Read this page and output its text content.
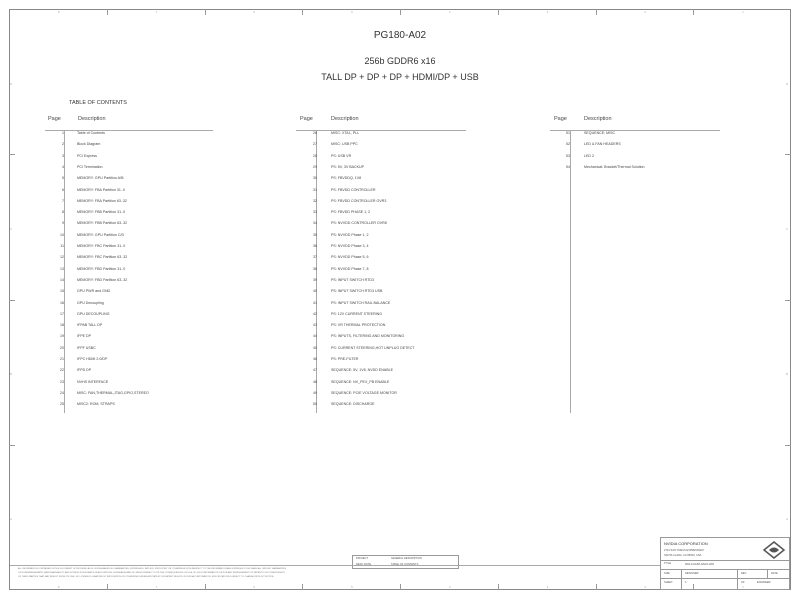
8
8
7
7
6
6
5
5
4
4
3
3
2
2
1
1
D	D
C	C
B	B
A	A
PG180-A02
256b GDDR6 x16
TALL DP + DP + DP + HDMI/DP + USB
TABLE OF CONTENTS
Page	Description
1	Table of Contents
2	Block Diagram
3	PCI Express
4	PCI Termination
5	MEMORY: GPU Partition A/B
6	MEMORY: FBA Partition 31..0
7	MEMORY: FBA Partition 63..32
8	MEMORY: FBB Partition 31..0
9	MEMORY: FBB Partition 63..32
10	MEMORY: GPU Partition C/D
11	MEMORY: FBC Partition 31..0
12	MEMORY: FBC Partition 63..32
13	MEMORY: FBD Partition 31..0
14	MEMORY: FBD Partition 63..32
15	GPU PWR and GND
16	GPU Decoupling
17	GPU DECOUPLING
18	IFPAB TALL DP
19	IFPE DP
20	IFPF USBC
21	IFPC HDMI 2.0/DP
22	IFPD DP
23	NVHS INTERFACE
24	MISC: FAN,THERMAL,JTAG,GPIO,STEREO
25	MISC2: ROM, STRAPS
Page	Description
26	MISC: XTAL, PLL
27	MISC: USB PPC
28	PS: USB VR
29	PS: 5V, 3V BACKUP
30	PS: FBVDDQ, 1V8
31	PS: FBVDD CONTROLLER
32	PS: FBVDD CONTROLLER OVR3
33	PS: FBVDD PHASE 1, 2
34	PS: NVVDD CONTROLLER OVR8
35	PS: NVVDD Phase 1, 2
36	PS: NVVDD Phase 3, 4
37	PS: NVVDD Phase 5, 6
38	PS: NVVDD Phase 7, 8
39	PS: INPUT SWITCH RTD3
40	PS: INPUT SWITCH RTD3 USB
41	PS: INPUT SWITCH RAIL BALANCE
42	PS: 12V CURRENT STEERING
43	PS: VR THERMAL PROTECTION
44	PS: INPUTS, FILTERING AND MONITORING
45	PS: CURRENT STEERING,HOT UNPLUG DETECT
46	PS: PRE-FILTER
47	SEQUENCE: 5V, 1V8, NVDD ENABLE
48	SEQUENCE: NV_PEX_PB ENABLE
49	SEQUENCE: PCIE VOLTAGE MONITOR
50	SEQUENCE: DISCHARGE
Page	Description
51	SEQUENCE: MISC
52	LED & FAN HEADERS
53	LED 2
54	Mechanical: Bracket/Thermal Solution
PROJECT	GENERAL DESCRIPTION
ALL INFORMATION CONTAINED IN THIS DOCUMENT IS PROVIDED AS IS. NVIDIA MAKES NO WARRANTIES, EXPRESSED, IMPLIED, STATUTORY OR OTHERWISE WITH RESPECT TO THE INFORMATION AND EXPRESSLY DISCLAIMS ALL IMPLIED WARRANTIES
OF NONINFRINGEMENT, MERCHANTABILITY AND FITNESS FOR A PARTICULAR PURPOSE. NVIDIA ASSUMES NO RESPONSIBILITY FOR THE CONSEQUENCES OF USE OF SUCH INFORMATION OR FOR ANY INFRINGEMENT OF PATENTS OR OTHER RIGHTS
OF THIRD PARTIES THAT MAY RESULT FROM ITS USE. NO LICENSE IS GRANTED BY IMPLICATION OR OTHERWISE UNDER ANY PATENT OR PATENT RIGHTS OF NVIDIA CORPORATION. SPECIFICATIONS SUBJECT TO CHANGE WITHOUT NOTICE.
NVIDIA CORPORATION
2701 SAN TOMAS EXPRESSWAY
SANTA CLARA, CA 95050, USA
TITLE	600-1G180-0A02-200
SIZE	DESIGNER	REV	DATE
SHEET	1	OF	ENGINEER
